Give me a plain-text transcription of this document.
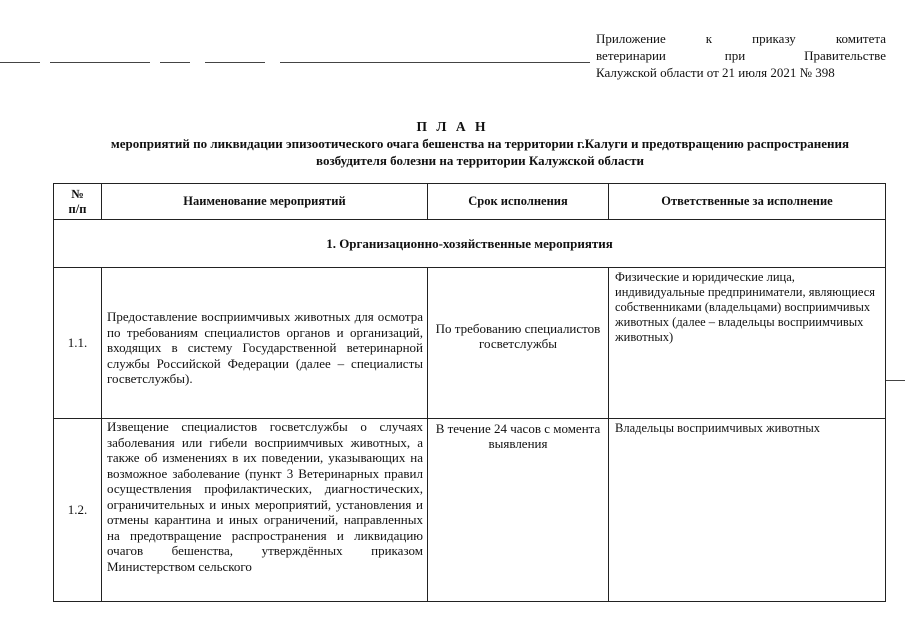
Приложение	к	приказу	комитета
ветеринарии	при	Правительстве
Калужской области от 21 июля 2021 № 398
П Л А Н
мероприятий по ликвидации эпизоотического очага бешенства на территории г.Калуги и предотвращению распространения
возбудителя болезни на территории Калужской области
№
п/п	Наименование мероприятий	Срок исполнения	Ответственные за исполнение
1. Организационно-хозяйственные мероприятия			
1.1.	Предоставление восприимчивых животных для осмотра по требованиям специалистов органов и организаций, входящих в систему Государственной ветеринарной службы Российской Федерации (далее – специалисты госветслужбы).	По требованию специалистов госветслужбы	Физические и юридические лица, индивидуальные предприниматели, являющиеся собственниками (владельцами) восприимчивых животных (далее – владельцы восприимчивых животных)
1.2.	Извещение специалистов госветслужбы о случаях заболевания или гибели восприимчивых животных, а также об изменениях в их поведении, указывающих на возможное заболевание (пункт 3 Ветеринарных правил осуществления профилактических, диагностических, ограничительных и иных мероприятий, установления и отмены карантина и иных ограничений, направленных на предотвращение распространения и ликвидацию очагов бешенства, утверждённых приказом Министерством сельского	В течение 24 часов с момента выявления	Владельцы восприимчивых животных
